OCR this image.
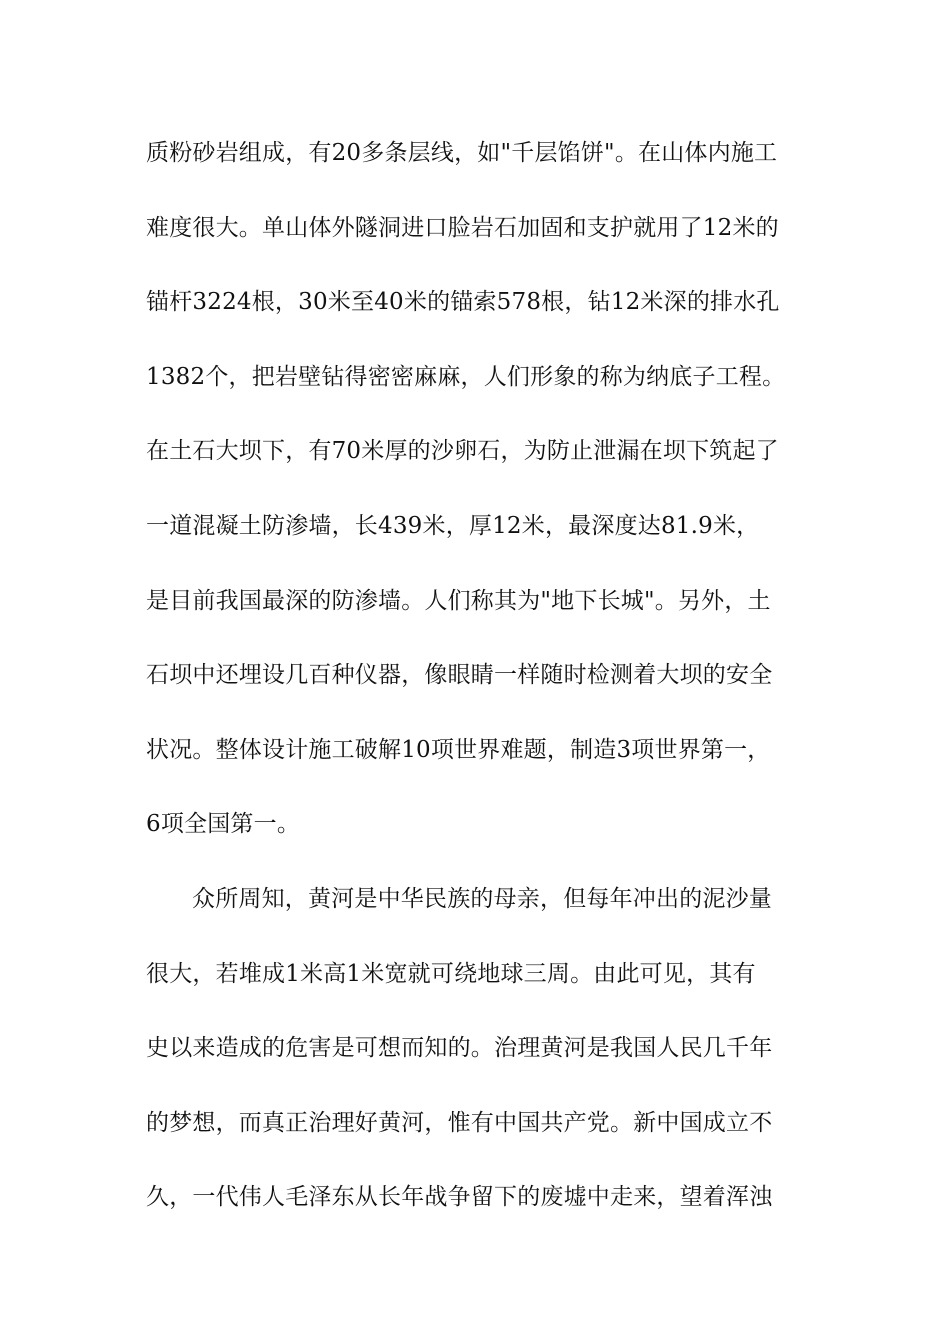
质粉砂岩组成，有20多条层线，如"千层馅饼"。在山体内施工
难度很大。单山体外隧洞进口脸岩石加固和支护就用了12米的
锚杆3224根，30米至40米的锚索578根，钻12米深的排水孔
1382个，把岩壁钻得密密麻麻，人们形象的称为纳底子工程。
在土石大坝下，有70米厚的沙卵石，为防止泄漏在坝下筑起了
一道混凝土防渗墙，长439米，厚12米，最深度达81.9米，
是目前我国最深的防渗墙。人们称其为"地下长城"。另外，土
石坝中还埋设几百种仪器，像眼睛一样随时检测着大坝的安全
状况。整体设计施工破解10项世界难题，制造3项世界第一，
6项全国第一。
众所周知，黄河是中华民族的母亲，但每年冲出的泥沙量
很大，若堆成1米高1米宽就可绕地球三周。由此可见，其有
史以来造成的危害是可想而知的。治理黄河是我国人民几千年
的梦想，而真正治理好黄河，惟有中国共产党。新中国成立不
久，一代伟人毛泽东从长年战争留下的废墟中走来，望着浑浊
